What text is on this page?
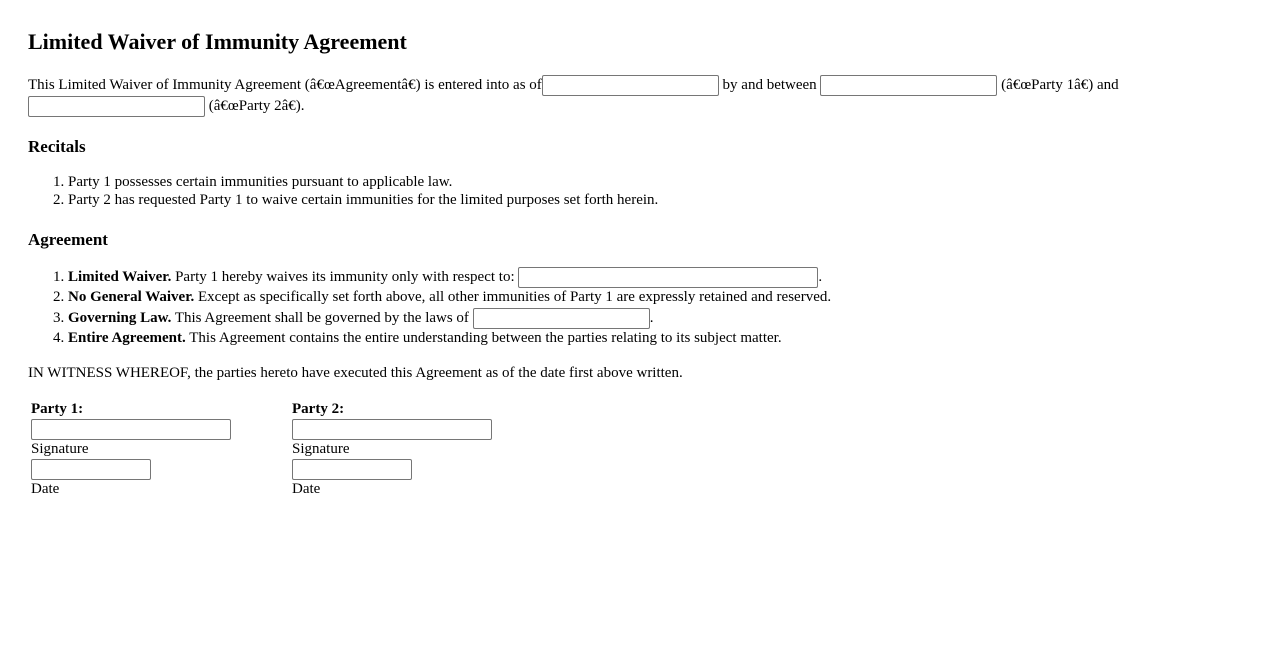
Limited Waiver of Immunity Agreement

This Limited Waiver of Immunity Agreement (â€œAgreementâ€) is entered into as of	by and between	(â€œParty 1â€) and
(â€œParty 2â€).

Recitals
1. Party 1 possesses certain immunities pursuant to applicable law.
2. Party 2 has requested Party 1 to waive certain immunities for the limited purposes set forth herein.
Agreement
1. Limited Waiver. Party 1 hereby waives its immunity only with respect to:	.
2. No General Waiver. Except as specifically set forth above, all other immunities of Party 1 are expressly retained and reserved.
3. Governing Law. This Agreement shall be governed by the laws of	.
4. Entire Agreement. This Agreement contains the entire understanding between the parties relating to its subject matter.

IN WITNESS WHEREOF, the parties hereto have executed this Agreement as of the date first above written.

Party 1:
Signature
Date

Party 2:
Signature
Date
